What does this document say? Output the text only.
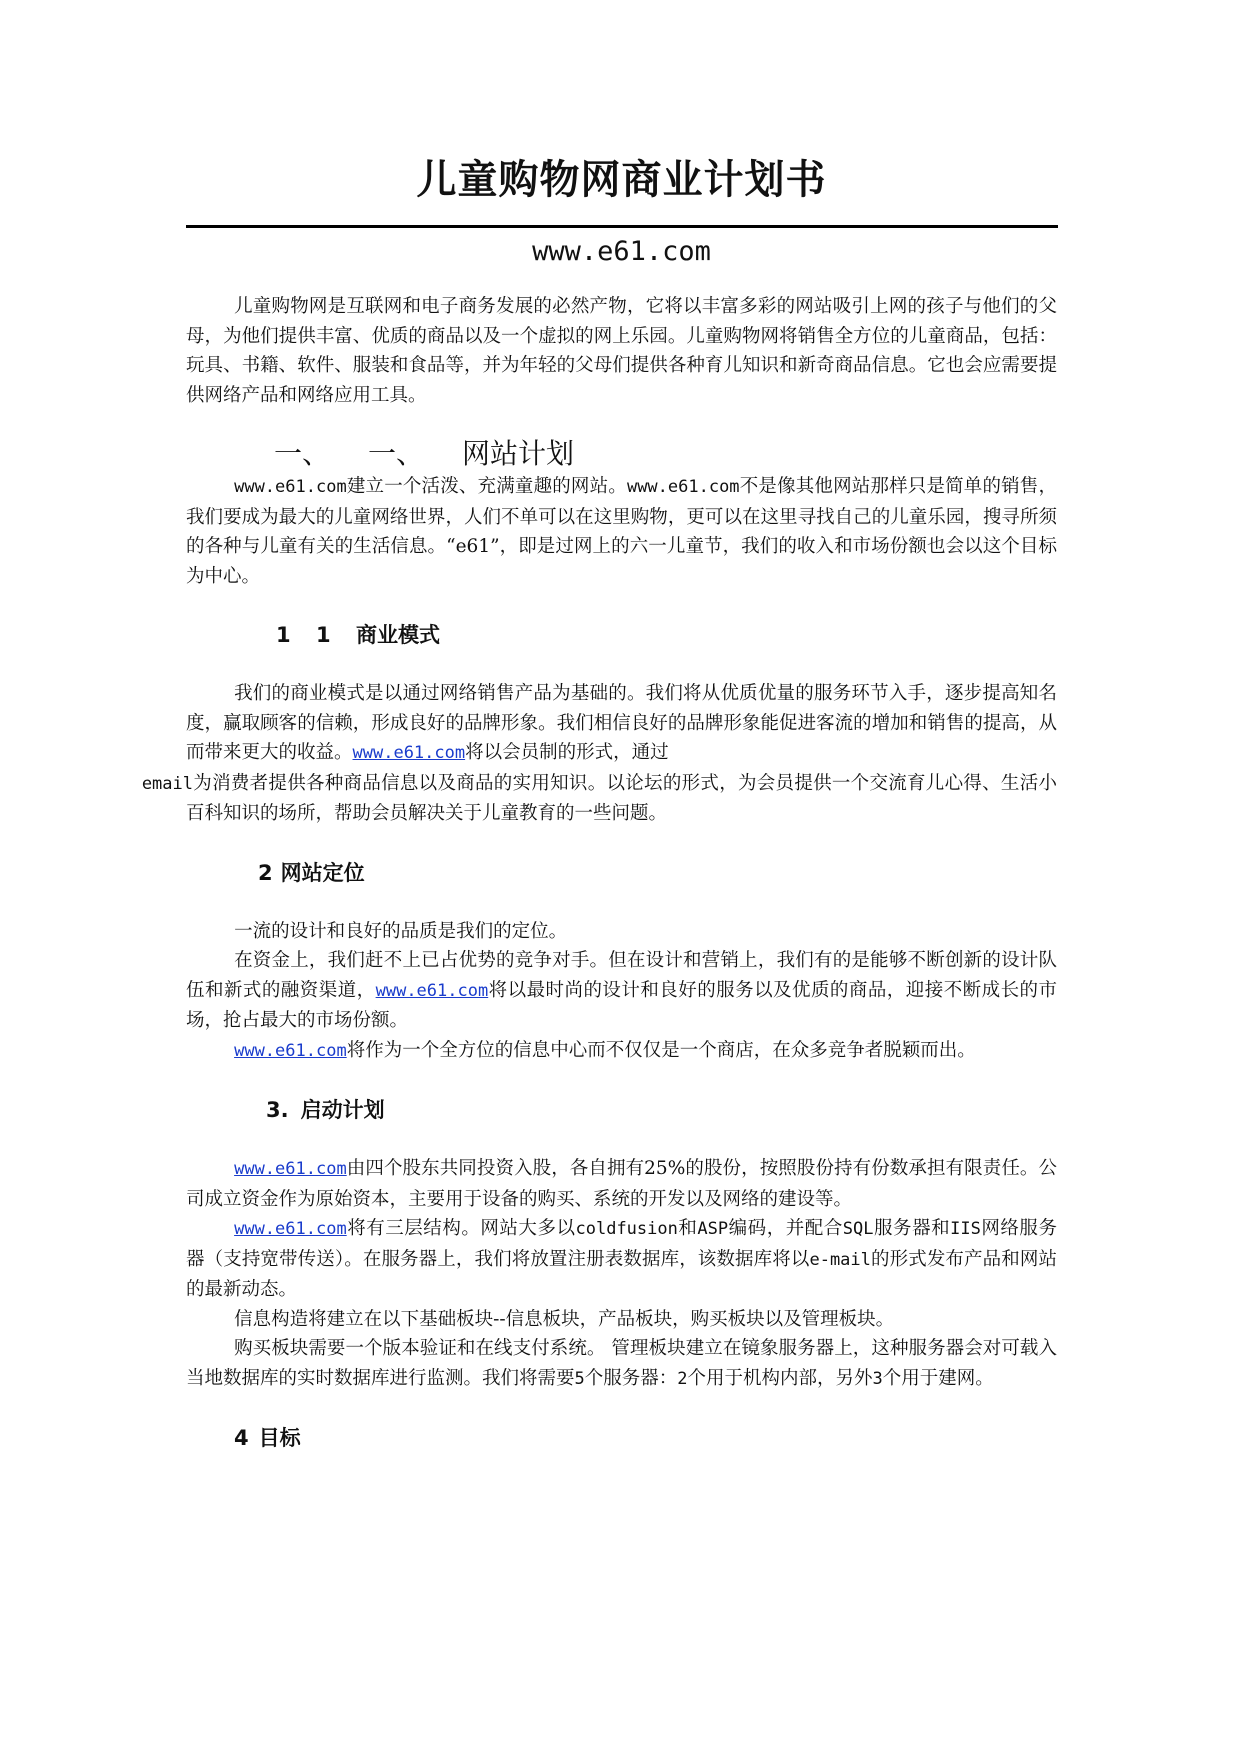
儿童购物网商业计划书
www.e61.com

儿童购物网是互联网和电子商务发展的必然产物，它将以丰富多彩的网站吸引上网的孩子与他们的父母，为他们提供丰富、优质的商品以及一个虚拟的网上乐园。儿童购物网将销售全方位的儿童商品，包括：玩具、书籍、软件、服装和食品等，并为年轻的父母们提供各种育儿知识和新奇商品信息。它也会应需要提供网络产品和网络应用工具。

一、 一、 网站计划

www.e61.com建立一个活泼、充满童趣的网站。www.e61.com不是像其他网站那样只是简单的销售，我们要成为最大的儿童网络世界，人们不单可以在这里购物，更可以在这里寻找自己的儿童乐园，搜寻所须的各种与儿童有关的生活信息。“e61”，即是过网上的六一儿童节，我们的收入和市场份额也会以这个目标为中心。

1 1 商业模式

我们的商业模式是以通过网络销售产品为基础的。我们将从优质优量的服务环节入手，逐步提高知名度，赢取顾客的信赖，形成良好的品牌形象。我们相信良好的品牌形象能促进客流的增加和销售的提高，从而带来更大的收益。www.e61.com将以会员制的形式，通过
email为消费者提供各种商品信息以及商品的实用知识。以论坛的形式，为会员提供一个交流育儿心得、生活小百科知识的场所，帮助会员解决关于儿童教育的一些问题。

2 网站定位

一流的设计和良好的品质是我们的定位。

在资金上，我们赶不上已占优势的竞争对手。但在设计和营销上，我们有的是能够不断创新的设计队伍和新式的融资渠道，www.e61.com将以最时尚的设计和良好的服务以及优质的商品，迎接不断成长的市场，抢占最大的市场份额。

www.e61.com将作为一个全方位的信息中心而不仅仅是一个商店，在众多竞争者脱颖而出。

3. 启动计划

www.e61.com由四个股东共同投资入股，各自拥有25%的股份，按照股份持有份数承担有限责任。公司成立资金作为原始资本，主要用于设备的购买、系统的开发以及网络的建设等。

www.e61.com将有三层结构。网站大多以coldfusion和ASP编码，并配合SQL服务器和IIS网络服务器（支持宽带传送）。在服务器上，我们将放置注册表数据库，该数据库将以e-mail的形式发布产品和网站的最新动态。

信息构造将建立在以下基础板块--信息板块，产品板块，购买板块以及管理板块。

购买板块需要一个版本验证和在线支付系统。 管理板块建立在镜象服务器上，这种服务器会对可载入当地数据库的实时数据库进行监测。我们将需要5个服务器：2个用于机构内部，另外3个用于建网。

4 目标
